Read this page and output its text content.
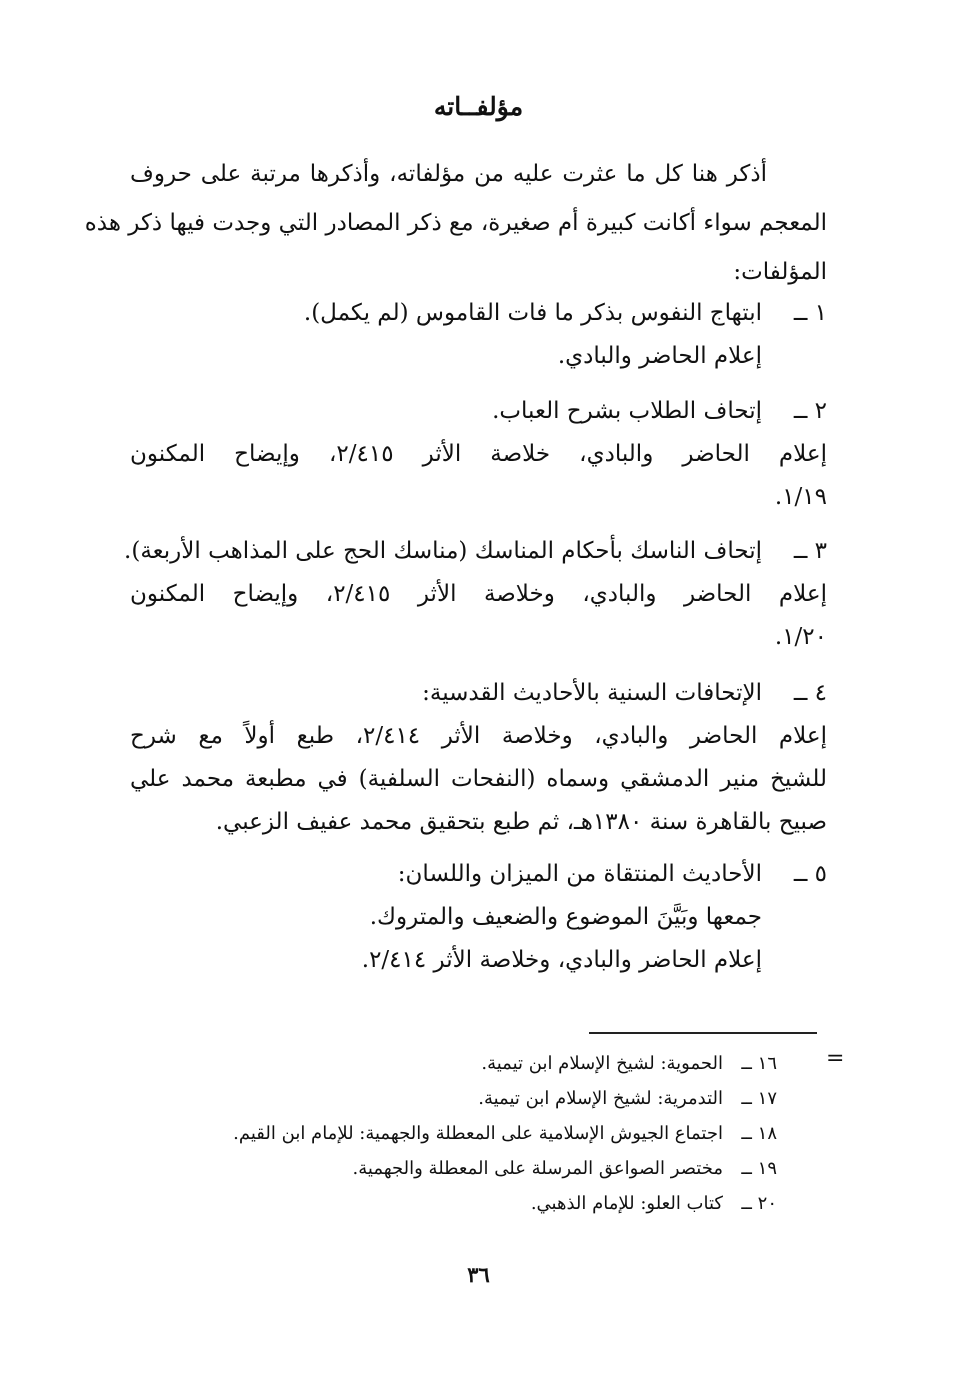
مؤلفــاته
أذكر هنا كل ما عثرت عليه من مؤلفاته، وأذكرها مرتبة على حروف
المعجم سواء أكانت كبيرة أم صغيرة، مع ذكر المصادر التي وجدت فيها ذكر هذه
المؤلفات:
١ ــ
ابتهاج النفوس بذكر ما فات القاموس (لم يكمل).
إعلام الحاضر والبادي.
٢ ــ
إتحاف الطلاب بشرح العباب.
إعلام الحاضر والبادي، خلاصة الأثر ٢/٤١٥، وإيضاح المكنون
١/١٩.
٣ ــ
إتحاف الناسك بأحكام المناسك (مناسك الحج على المذاهب الأربعة).
إعلام الحاضر والبادي، وخلاصة الأثر ٢/٤١٥، وإيضاح المكنون
١/٢٠.
٤ ــ
الإتحافات السنية بالأحاديث القدسية:
إعلام الحاضر والبادي، وخلاصة الأثر ٢/٤١٤، طبع أولاً مع شرح
للشيخ منير الدمشقي وسماه (النفحات السلفية) في مطبعة محمد علي
صبيح بالقاهرة سنة ١٣٨٠هـ، ثم طبع بتحقيق محمد عفيف الزعبي.
٥ ــ
الأحاديث المنتقاة من الميزان واللسان:
جمعها وبَيَّنَ الموضوع والضعيف والمتروك.
إعلام الحاضر والبادي، وخلاصة الأثر ٢/٤١٤.
=
١٦ ــالحموية: لشيخ الإسلام ابن تيمية.
١٧ ــالتدمرية: لشيخ الإسلام ابن تيمية.
١٨ ــاجتماع الجيوش الإسلامية على المعطلة والجهمية: للإمام ابن القيم.
١٩ ــمختصر الصواعق المرسلة على المعطلة والجهمية.
٢٠ ــكتاب العلو: للإمام الذهبي.
٣٦
